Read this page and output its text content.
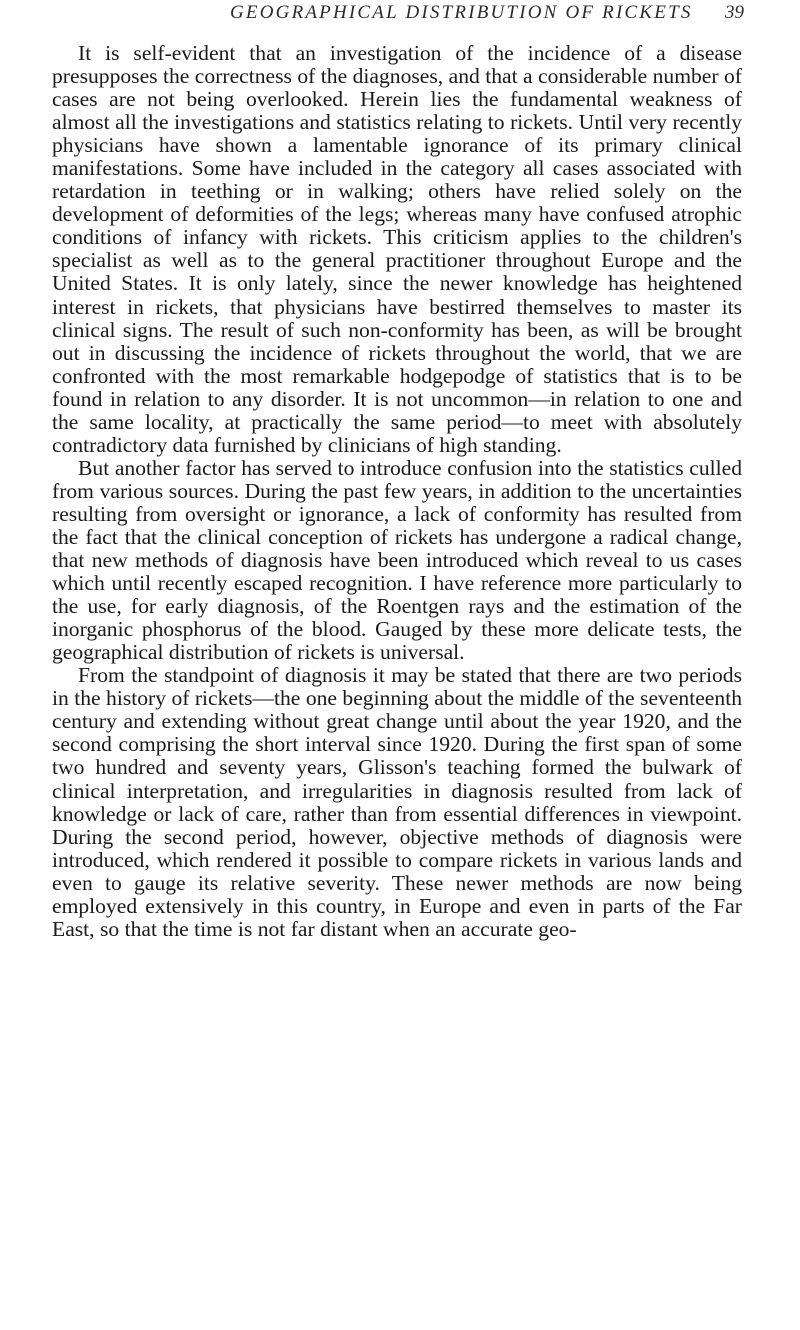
GEOGRAPHICAL DISTRIBUTION OF RICKETS	39

It is self-evident that an investigation of the incidence of a disease presupposes the correctness of the diagnoses, and that a considerable number of cases are not being overlooked. Herein lies the fundamental weakness of almost all the investigations and statistics relating to rickets. Until very recently physicians have shown a lamentable ignorance of its primary clinical manifestations. Some have included in the category all cases associated with retardation in teething or in walking; others have relied solely on the development of deformities of the legs; whereas many have confused atrophic conditions of infancy with rickets. This criticism applies to the children's specialist as well as to the general practitioner throughout Europe and the United States. It is only lately, since the newer knowledge has heightened interest in rickets, that physicians have bestirred themselves to master its clinical signs. The result of such non-conformity has been, as will be brought out in discussing the incidence of rickets throughout the world, that we are confronted with the most remarkable hodgepodge of statistics that is to be found in relation to any disorder. It is not uncommon—in relation to one and the same locality, at practically the same period—to meet with absolutely contradictory data furnished by clinicians of high standing.

But another factor has served to introduce confusion into the statistics culled from various sources. During the past few years, in addition to the uncertainties resulting from oversight or ignorance, a lack of conformity has resulted from the fact that the clinical conception of rickets has undergone a radical change, that new methods of diagnosis have been introduced which reveal to us cases which until recently escaped recognition. I have reference more particularly to the use, for early diagnosis, of the Roentgen rays and the estimation of the inorganic phosphorus of the blood. Gauged by these more delicate tests, the geographical distribution of rickets is universal.

From the standpoint of diagnosis it may be stated that there are two periods in the history of rickets—the one beginning about the middle of the seventeenth century and extending without great change until about the year 1920, and the second comprising the short interval since 1920. During the first span of some two hundred and seventy years, Glisson's teaching formed the bulwark of clinical interpretation, and irregularities in diagnosis resulted from lack of knowledge or lack of care, rather than from essential differences in viewpoint. During the second period, however, objective methods of diagnosis were introduced, which rendered it possible to compare rickets in various lands and even to gauge its relative severity. These newer methods are now being employed extensively in this country, in Europe and even in parts of the Far East, so that the time is not far distant when an accurate geo-
